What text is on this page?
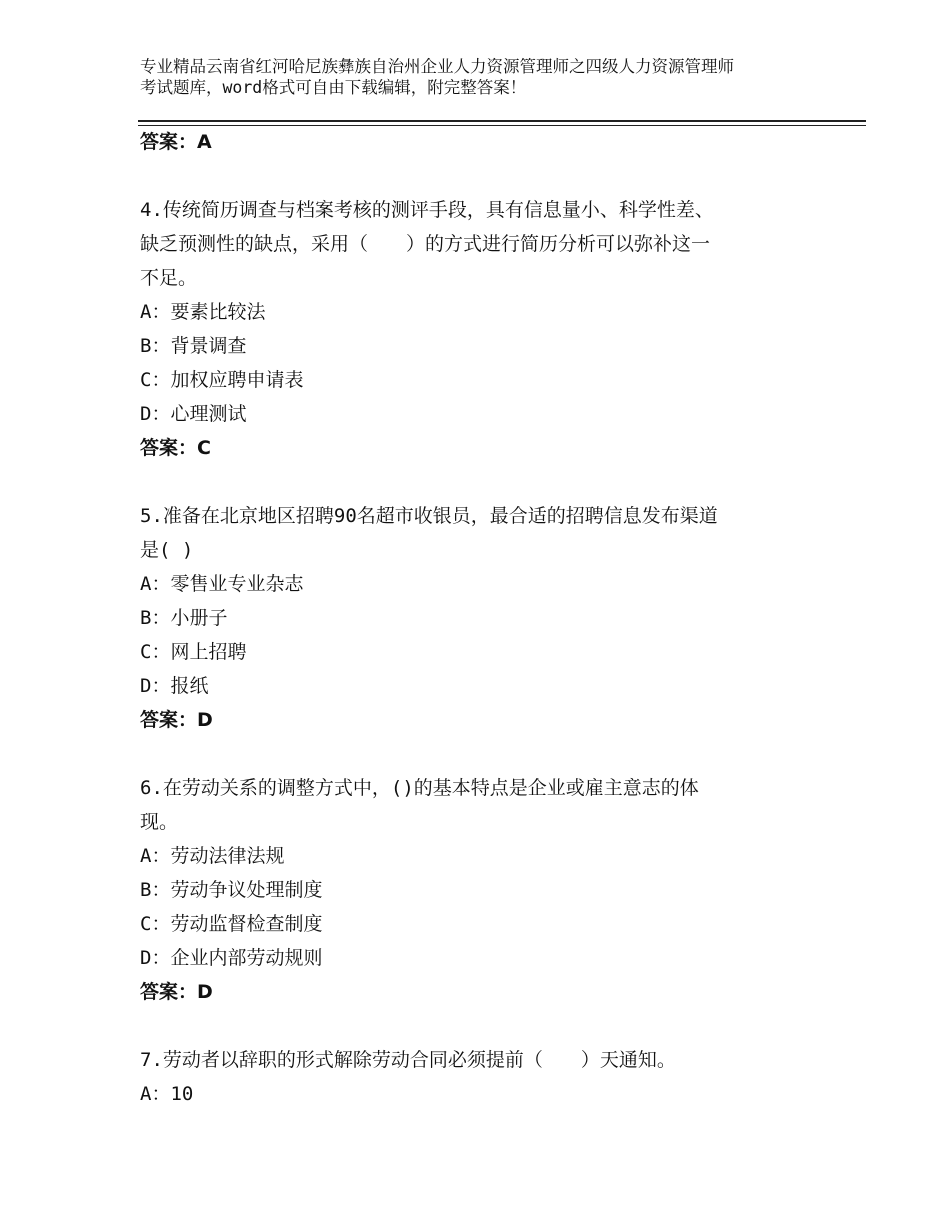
专业精品云南省红河哈尼族彝族自治州企业人力资源管理师之四级人力资源管理师
考试题库，word格式可自由下载编辑，附完整答案！
答案：A
4.传统简历调查与档案考核的测评手段，具有信息量小、科学性差、
缺乏预测性的缺点，采用（　　）的方式进行简历分析可以弥补这一
不足。
A：要素比较法
B：背景调查
C：加权应聘申请表
D：心理测试
答案：C
5.准备在北京地区招聘90名超市收银员，最合适的招聘信息发布渠道
是( )
A：零售业专业杂志
B：小册子
C：网上招聘
D：报纸
答案：D
6.在劳动关系的调整方式中，()的基本特点是企业或雇主意志的体
现。
A：劳动法律法规
B：劳动争议处理制度
C：劳动监督检查制度
D：企业内部劳动规则
答案：D
7.劳动者以辞职的形式解除劳动合同必须提前（　　）天通知。
A：10
